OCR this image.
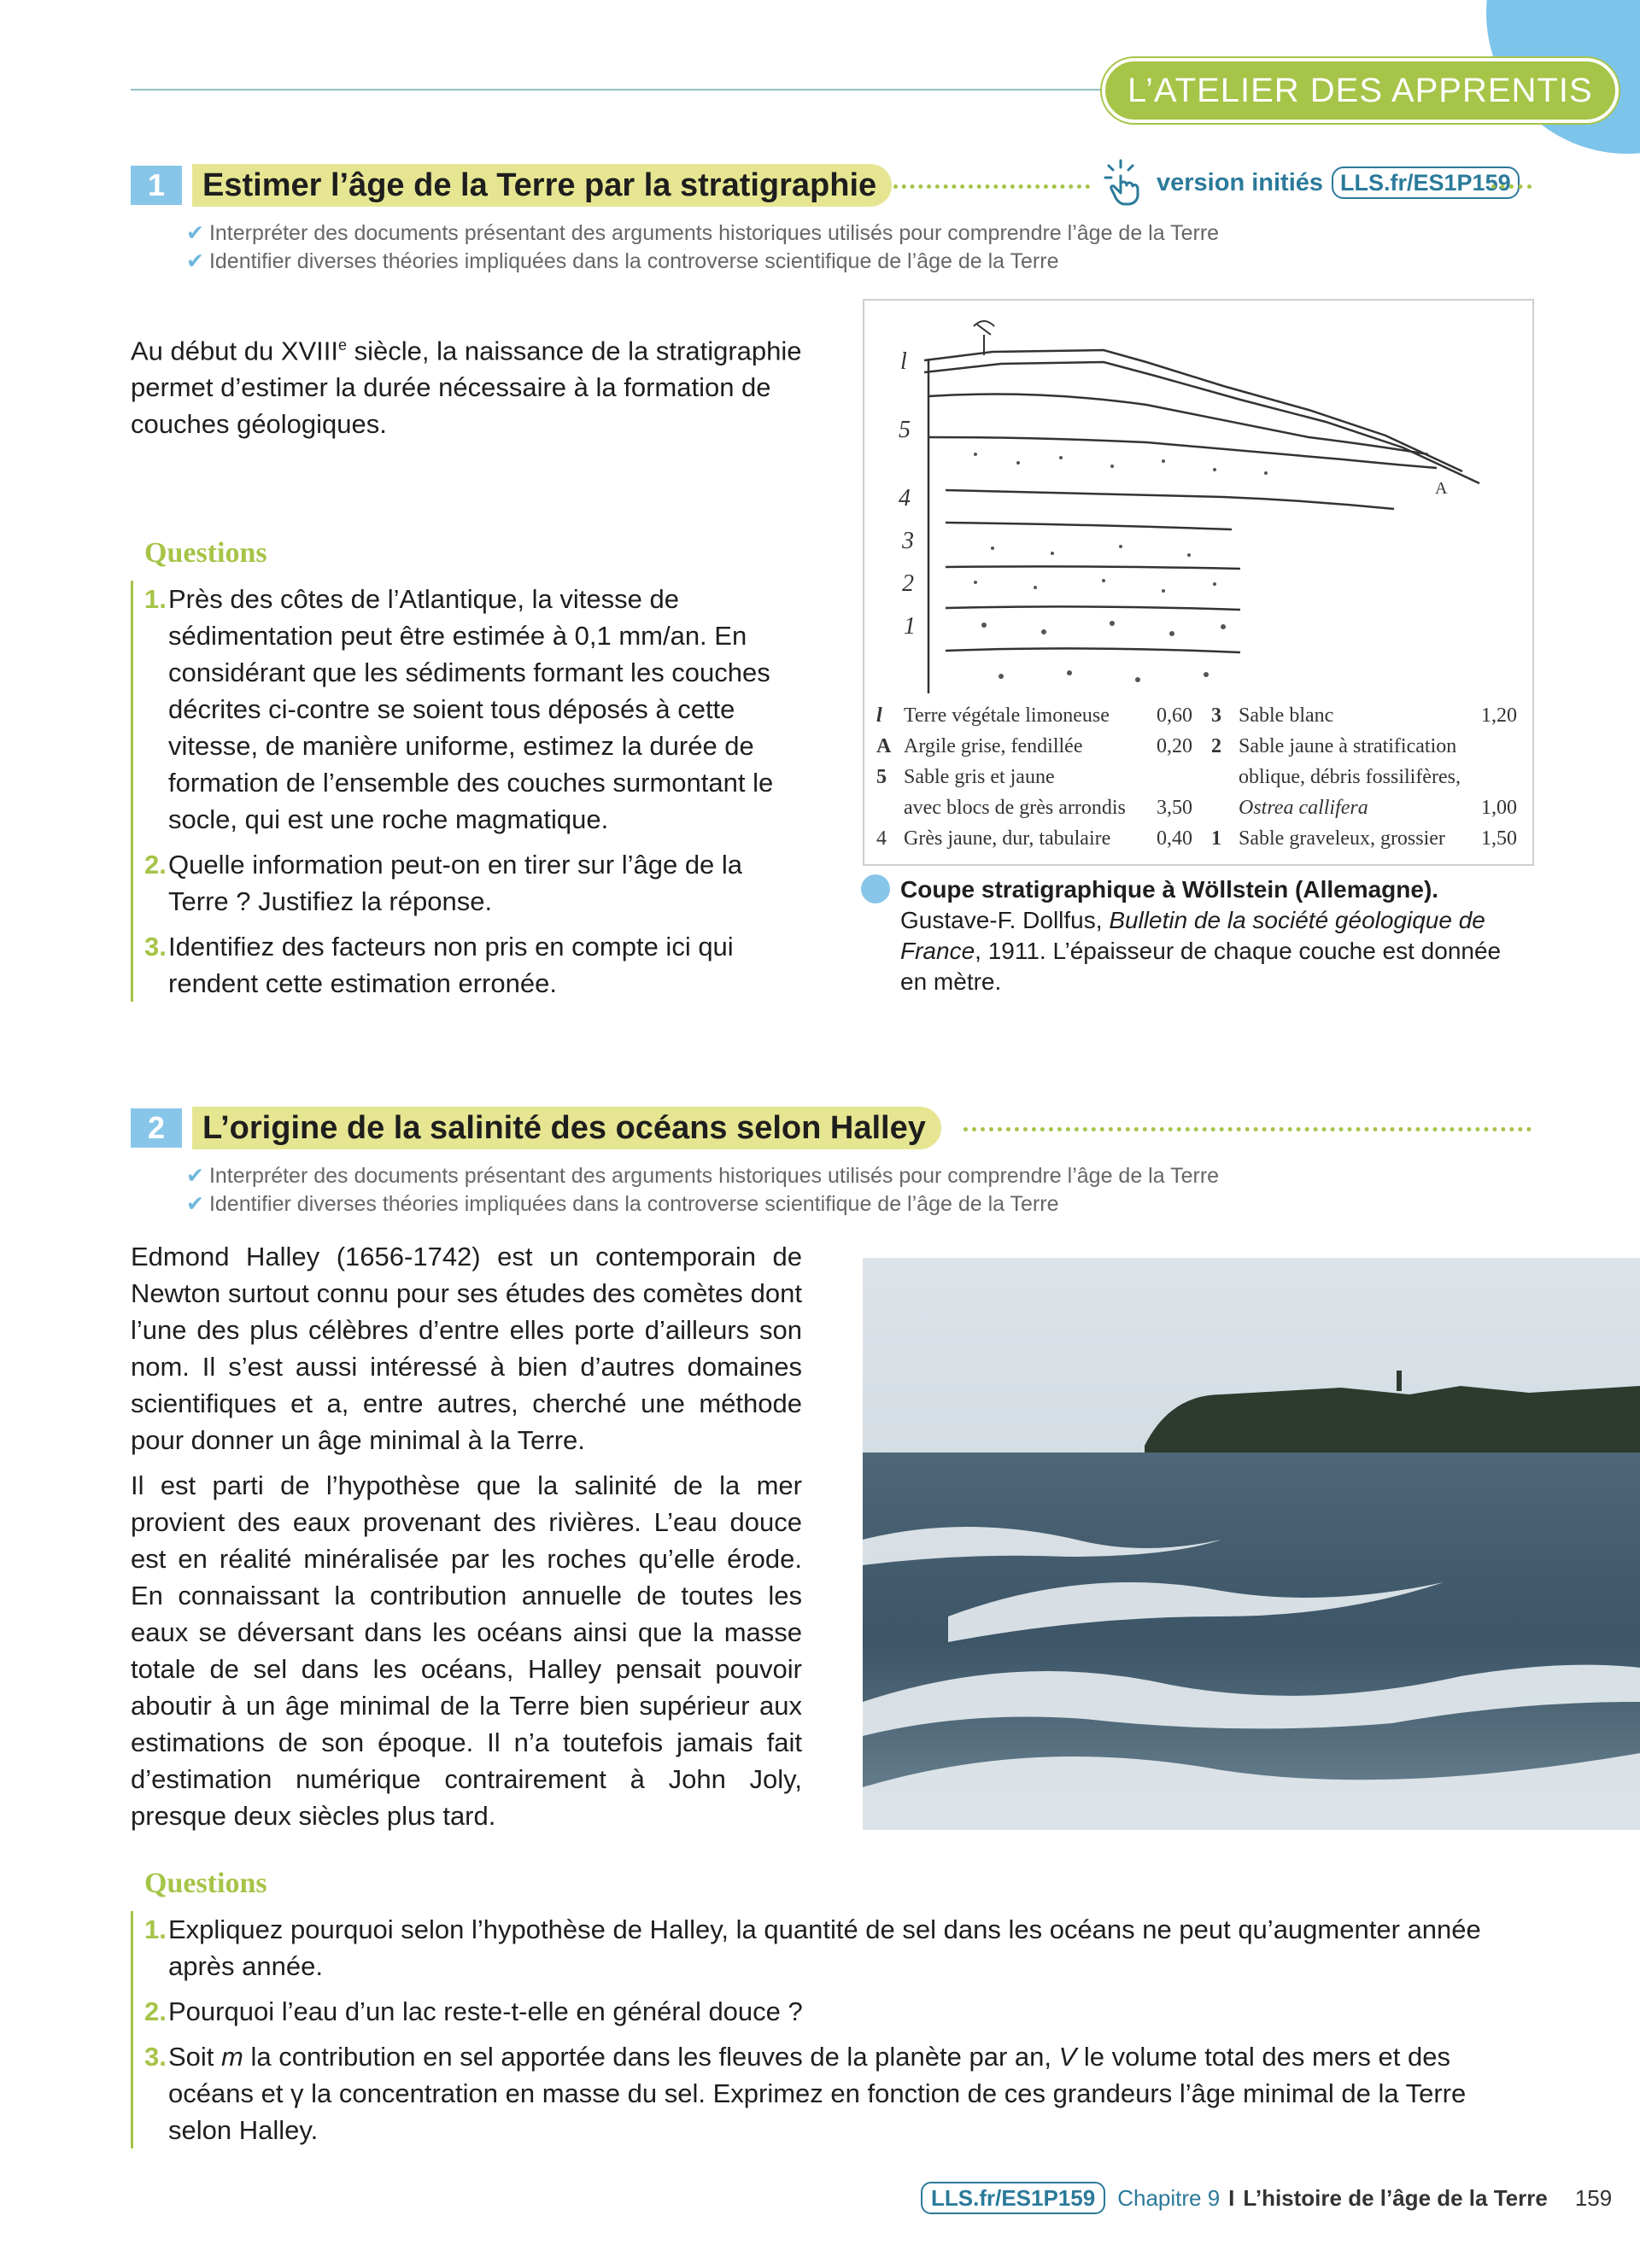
L’ATELIER DES APPRENTIS
1	Estimer l’âge de la Terre par la stratigraphie	version initiés LLS.fr/ES1P159
✔ Interpréter des documents présentant des arguments historiques utilisés pour comprendre l’âge de la Terre
✔ Identifier diverses théories impliquées dans la controverse scientifique de l’âge de la Terre

Au début du XVIIIe siècle, la naissance de la stratigraphie permet d’estimer la durée nécessaire à la formation de couches géologiques.

Questions
1. Près des côtes de l’Atlantique, la vitesse de sédimentation peut être estimée à 0,1 mm/an. En considérant que les sédiments formant les couches décrites ci-contre se soient tous déposés à cette vitesse, de manière uniforme, estimez la durée de formation de l’ensemble des couches surmontant le socle, qui est une roche magmatique.
2. Quelle information peut-on en tirer sur l’âge de la Terre ? Justifiez la réponse.
3. Identifiez des facteurs non pris en compte ici qui rendent cette estimation erronée.
l
5
4
3
2
1
A
l Terre végétale limoneuse 0,60
A Argile grise, fendillée	0,20
5 Sable gris et jaune
avec blocs de grès arrondis 3,50
4 Grès jaune, dur, tabulaire 0,40
3 Sable blanc	1,20
2 Sable jaune à stratification
oblique, débris fossilifères,
Ostrea callifera	1,00
1 Sable graveleux, grossier 1,50
Coupe stratigraphique à Wöllstein (Allemagne).
Gustave-F. Dollfus, Bulletin de la société géologique de France, 1911. L’épaisseur de chaque couche est donnée en mètre.
2	L’origine de la salinité des océans selon Halley
✔ Interpréter des documents présentant des arguments historiques utilisés pour comprendre l’âge de la Terre
✔ Identifier diverses théories impliquées dans la controverse scientifique de l’âge de la Terre

Edmond Halley (1656-1742) est un contemporain de Newton surtout connu pour ses études des comètes dont l’une des plus célèbres d’entre elles porte d’ailleurs son nom. Il s’est aussi intéressé à bien d’autres domaines scientifiques et a, entre autres, cherché une méthode pour donner un âge minimal à la Terre.

Il est parti de l’hypothèse que la salinité de la mer provient des eaux provenant des rivières. L’eau douce est en réalité minéralisée par les roches qu’elle érode. En connaissant la contribution annuelle de toutes les eaux se déversant dans les océans ainsi que la masse totale de sel dans les océans, Halley pensait pouvoir aboutir à un âge minimal de la Terre bien supérieur aux estimations de son époque. Il n’a toutefois jamais fait d’estimation numérique contrairement à John Joly, presque deux siècles plus tard.

Questions
1. Expliquez pourquoi selon l’hypothèse de Halley, la quantité de sel dans les océans ne peut qu’augmenter année après année.
2. Pourquoi l’eau d’un lac reste-t-elle en général douce ?
3. Soit m la contribution en sel apportée dans les fleuves de la planète par an, V le volume total des mers et des océans et γ la concentration en masse du sel. Exprimez en fonction de ces grandeurs l’âge minimal de la Terre selon Halley.
LLS.fr/ES1P159	Chapitre 9 I L’histoire de l’âge de la Terre 159
